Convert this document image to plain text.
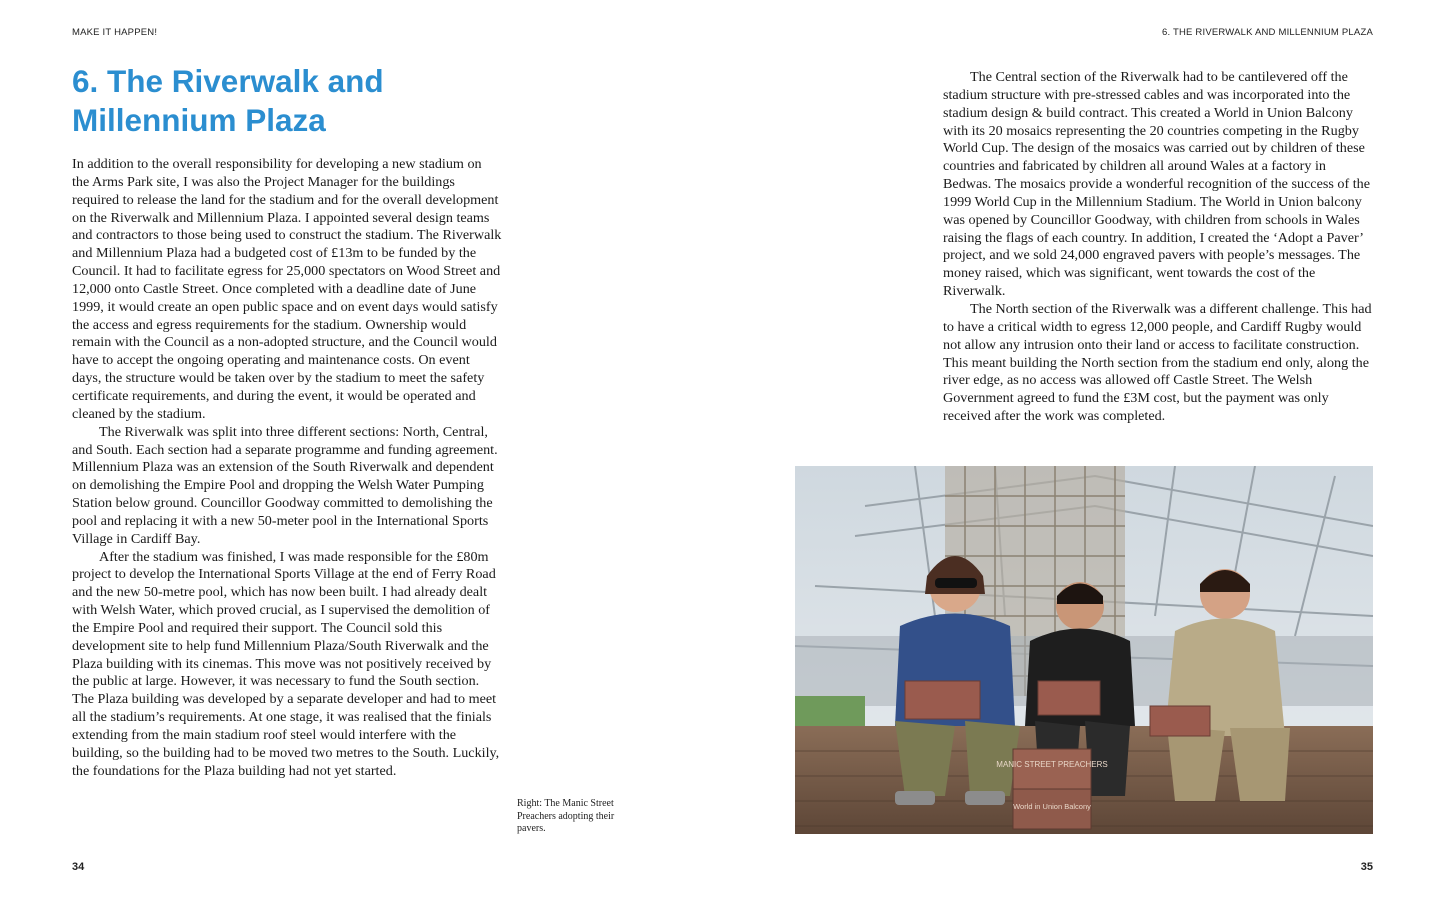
MAKE IT HAPPEN!	6. THE RIVERWALK AND MILLENNIUM PLAZA
6. The Riverwalk and
Millennium Plaza

In addition to the overall responsibility for developing a new stadium on the Arms Park site, I was also the Project Manager for the buildings required to release the land for the stadium and for the overall development on the Riverwalk and Millennium Plaza. I appointed several design teams and contractors to those being used to construct the stadium. The Riverwalk and Millennium Plaza had a budgeted cost of £13m to be funded by the Council. It had to facilitate egress for 25,000 spectators on Wood Street and 12,000 onto Castle Street. Once completed with a deadline date of June 1999, it would create an open public space and on event days would satisfy the access and egress requirements for the stadium. Ownership would remain with the Council as a non-adopted structure, and the Council would have to accept the ongoing operating and maintenance costs. On event days, the structure would be taken over by the stadium to meet the safety certificate requirements, and during the event, it would be operated and cleaned by the stadium.

The Riverwalk was split into three different sections: North, Central, and South. Each section had a separate programme and funding agreement. Millennium Plaza was an extension of the South Riverwalk and dependent on demolishing the Empire Pool and dropping the Welsh Water Pumping Station below ground. Councillor Goodway committed to demolishing the pool and replacing it with a new 50-meter pool in the International Sports Village in Cardiff Bay.

After the stadium was finished, I was made responsible for the £80m project to develop the International Sports Village at the end of Ferry Road and the new 50-metre pool, which has now been built. I had already dealt with Welsh Water, which proved crucial, as I supervised the demolition of the Empire Pool and required their support. The Council sold this development site to help fund Millennium Plaza/South Riverwalk and the Plaza building with its cinemas. This move was not positively received by the public at large. However, it was necessary to fund the South section. The Plaza building was developed by a separate developer and had to meet all the stadium’s requirements. At one stage, it was realised that the finials extending from the main stadium roof steel would interfere with the building, so the building had to be moved two metres to the South. Luckily, the foundations for the Plaza building had not yet started.

The Central section of the Riverwalk had to be cantilevered off the stadium structure with pre-stressed cables and was incorporated into the stadium design & build contract. This created a World in Union Balcony with its 20 mosaics representing the 20 countries competing in the Rugby World Cup. The design of the mosaics was carried out by children of these countries and fabricated by children all around Wales at a factory in Bedwas. The mosaics provide a wonderful recognition of the success of the 1999 World Cup in the Millennium Stadium. The World in Union balcony was opened by Councillor Goodway, with children from schools in Wales raising the flags of each country. In addition, I created the ‘Adopt a Paver’ project, and we sold 24,000 engraved pavers with people’s messages. The money raised, which was significant, went towards the cost of the Riverwalk.

The North section of the Riverwalk was a different challenge. This had to have a critical width to egress 12,000 people, and Cardiff Rugby would not allow any intrusion onto their land or access to facilitate construction. This meant building the North section from the stadium end only, along the river edge, as no access was allowed off Castle Street. The Welsh Government agreed to fund the £3M cost, but the payment was only received after the work was completed.

Right: The Manic Street Preachers adopting their pavers.
MANIC STREET PREACHERS
World in Union Balcony
34	35
